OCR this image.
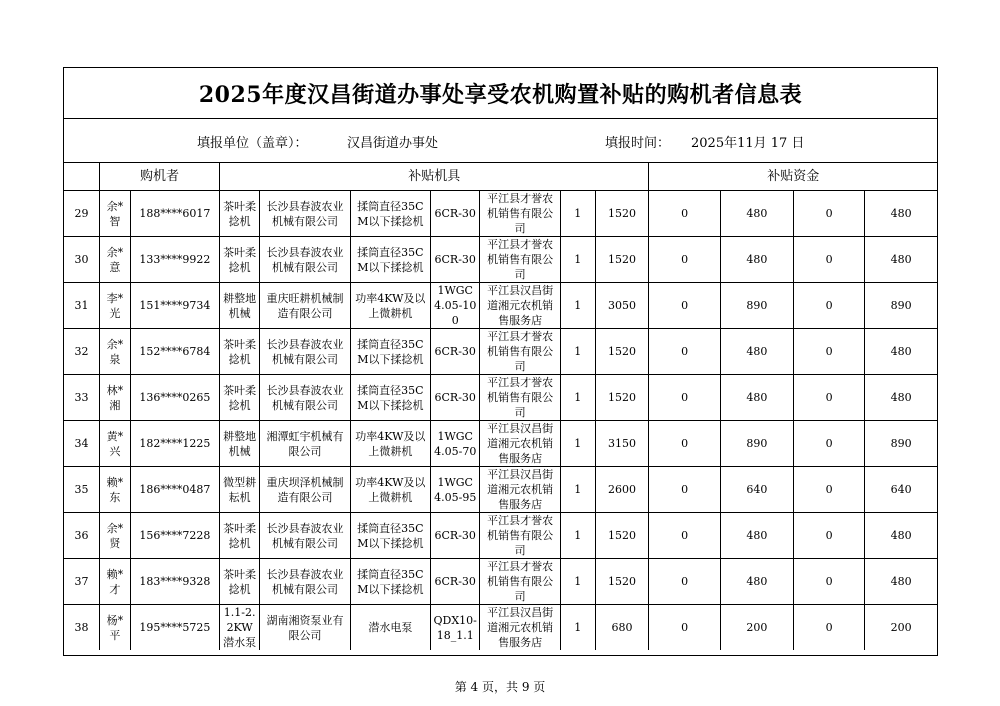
2025年度汉昌街道办事处享受农机购置补贴的购机者信息表
填报单位（盖章）：	汉昌街道办事处	填报时间： 2025年11月 17 日
	购机者		补贴机具							补贴资金			
29	余*智	188****6017	茶叶柔捻机	长沙县春波农业机械有限公司	揉筒直径35CM以下揉捻机	6CR-30	平江县才誉农机销售有限公司	1	1520	0	480	0	480
30	余*意	133****9922	茶叶柔捻机	长沙县春波农业机械有限公司	揉筒直径35CM以下揉捻机	6CR-30	平江县才誉农机销售有限公司	1	1520	0	480	0	480
31	李*光	151****9734	耕整地机械	重庆旺耕机械制造有限公司	功率4KW及以上微耕机	1WGC4.05-100	平江县汉昌街道湘元农机销售服务店	1	3050	0	890	0	890
32	余*泉	152****6784	茶叶柔捻机	长沙县春波农业机械有限公司	揉筒直径35CM以下揉捻机	6CR-30	平江县才誉农机销售有限公司	1	1520	0	480	0	480
33	林*湘	136****0265	茶叶柔捻机	长沙县春波农业机械有限公司	揉筒直径35CM以下揉捻机	6CR-30	平江县才誉农机销售有限公司	1	1520	0	480	0	480
34	黄*兴	182****1225	耕整地机械	湘潭虹宇机械有限公司	功率4KW及以上微耕机	1WGC4.05-70	平江县汉昌街道湘元农机销售服务店	1	3150	0	890	0	890
35	赖*东	186****0487	微型耕耘机	重庆坝泽机械制造有限公司	功率4KW及以上微耕机	1WGC4.05-95	平江县汉昌街道湘元农机销售服务店	1	2600	0	640	0	640
36	余*贤	156****7228	茶叶柔捻机	长沙县春波农业机械有限公司	揉筒直径35CM以下揉捻机	6CR-30	平江县才誉农机销售有限公司	1	1520	0	480	0	480
37	赖*才	183****9328	茶叶柔捻机	长沙县春波农业机械有限公司	揉筒直径35CM以下揉捻机	6CR-30	平江县才誉农机销售有限公司	1	1520	0	480	0	480
38	杨*平	195****5725	1.1-2.2KW潜水泵	湖南湘资泵业有限公司	潜水电泵	QDX10-18_1.1	平江县汉昌街道湘元农机销售服务店	1	680	0	200	0	200
第 4 页，共 9 页
